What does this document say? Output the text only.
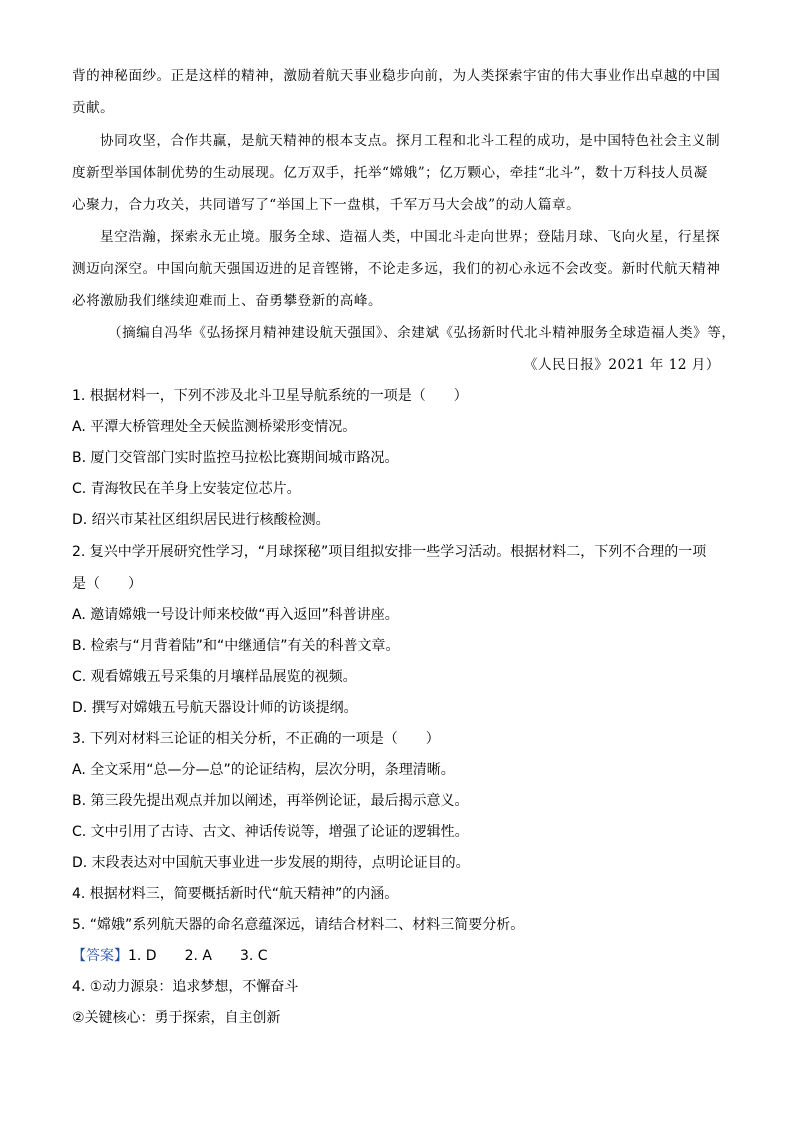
背的神秘面纱。正是这样的精神，激励着航天事业稳步向前，为人类探索宇宙的伟大事业作出卓越的中国
贡献。
协同攻坚，合作共赢，是航天精神的根本支点。探月工程和北斗工程的成功，是中国特色社会主义制
度新型举国体制优势的生动展现。亿万双手，托举“嫦娥”；亿万颗心，牵挂“北斗”，数十万科技人员凝
心聚力，合力攻关，共同谱写了“举国上下一盘棋，千军万马大会战”的动人篇章。
星空浩瀚，探索永无止境。服务全球、造福人类，中国北斗走向世界；登陆月球、飞向火星，行星探
测迈向深空。中国向航天强国迈进的足音铿锵，不论走多远，我们的初心永远不会改变。新时代航天精神
必将激励我们继续迎难而上、奋勇攀登新的高峰。
（摘编自冯华《弘扬探月精神建设航天强国》、余建斌《弘扬新时代北斗精神服务全球造福人类》等，
《人民日报》2021 年 12 月）
1. 根据材料一，下列不涉及北斗卫星导航系统的一项是（　　）
A. 平潭大桥管理处全天候监测桥梁形变情况。
B. 厦门交管部门实时监控马拉松比赛期间城市路况。
C. 青海牧民在羊身上安装定位芯片。
D. 绍兴市某社区组织居民进行核酸检测。
2. 复兴中学开展研究性学习，“月球探秘”项目组拟安排一些学习活动。根据材料二，下列不合理的一项
是（　　）
A. 邀请嫦娥一号设计师来校做“再入返回”科普讲座。
B. 检索与“月背着陆”和“中继通信”有关的科普文章。
C. 观看嫦娥五号采集的月壤样品展览的视频。
D. 撰写对嫦娥五号航天器设计师的访谈提纲。
3. 下列对材料三论证的相关分析，不正确的一项是（　　）
A. 全文采用“总—分—总”的论证结构，层次分明，条理清晰。
B. 第三段先提出观点并加以阐述，再举例论证，最后揭示意义。
C. 文中引用了古诗、古文、神话传说等，增强了论证的逻辑性。
D. 末段表达对中国航天事业进一步发展的期待，点明论证目的。
4. 根据材料三，简要概括新时代“航天精神”的内涵。
5. “嫦娥”系列航天器的命名意蕴深远，请结合材料二、材料三简要分析。
【答案】1. D　　2. A　　3. C
4. ①动力源泉：追求梦想，不懈奋斗
②关键核心：勇于探索，自主创新
